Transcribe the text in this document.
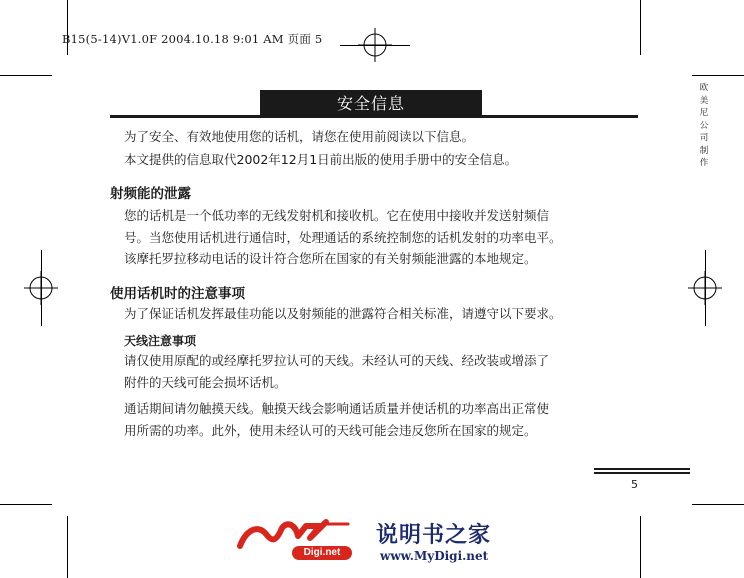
B15(5-14)V1.0F 2004.10.18 9:01 AM 页面 5
安全信息
欧
美
尼
公
司
制
作
为了安全、有效地使用您的话机，请您在使用前阅读以下信息。
本文提供的信息取代2002年12月1日前出版的使用手册中的安全信息。
射频能的泄露
您的话机是一个低功率的无线发射机和接收机。它在使用中接收并发送射频信
号。当您使用话机进行通信时，处理通话的系统控制您的话机发射的功率电平。
该摩托罗拉移动电话的设计符合您所在国家的有关射频能泄露的本地规定。
使用话机时的注意事项
为了保证话机发挥最佳功能以及射频能的泄露符合相关标准，请遵守以下要求。
天线注意事项
请仅使用原配的或经摩托罗拉认可的天线。未经认可的天线、经改装或增添了
附件的天线可能会损坏话机。
通话期间请勿触摸天线。触摸天线会影响通话质量并使话机的功率高出正常使
用所需的功率。此外，使用未经认可的天线可能会违反您所在国家的规定。
5
Digi.net
说明书之家
www.MyDigi.net
